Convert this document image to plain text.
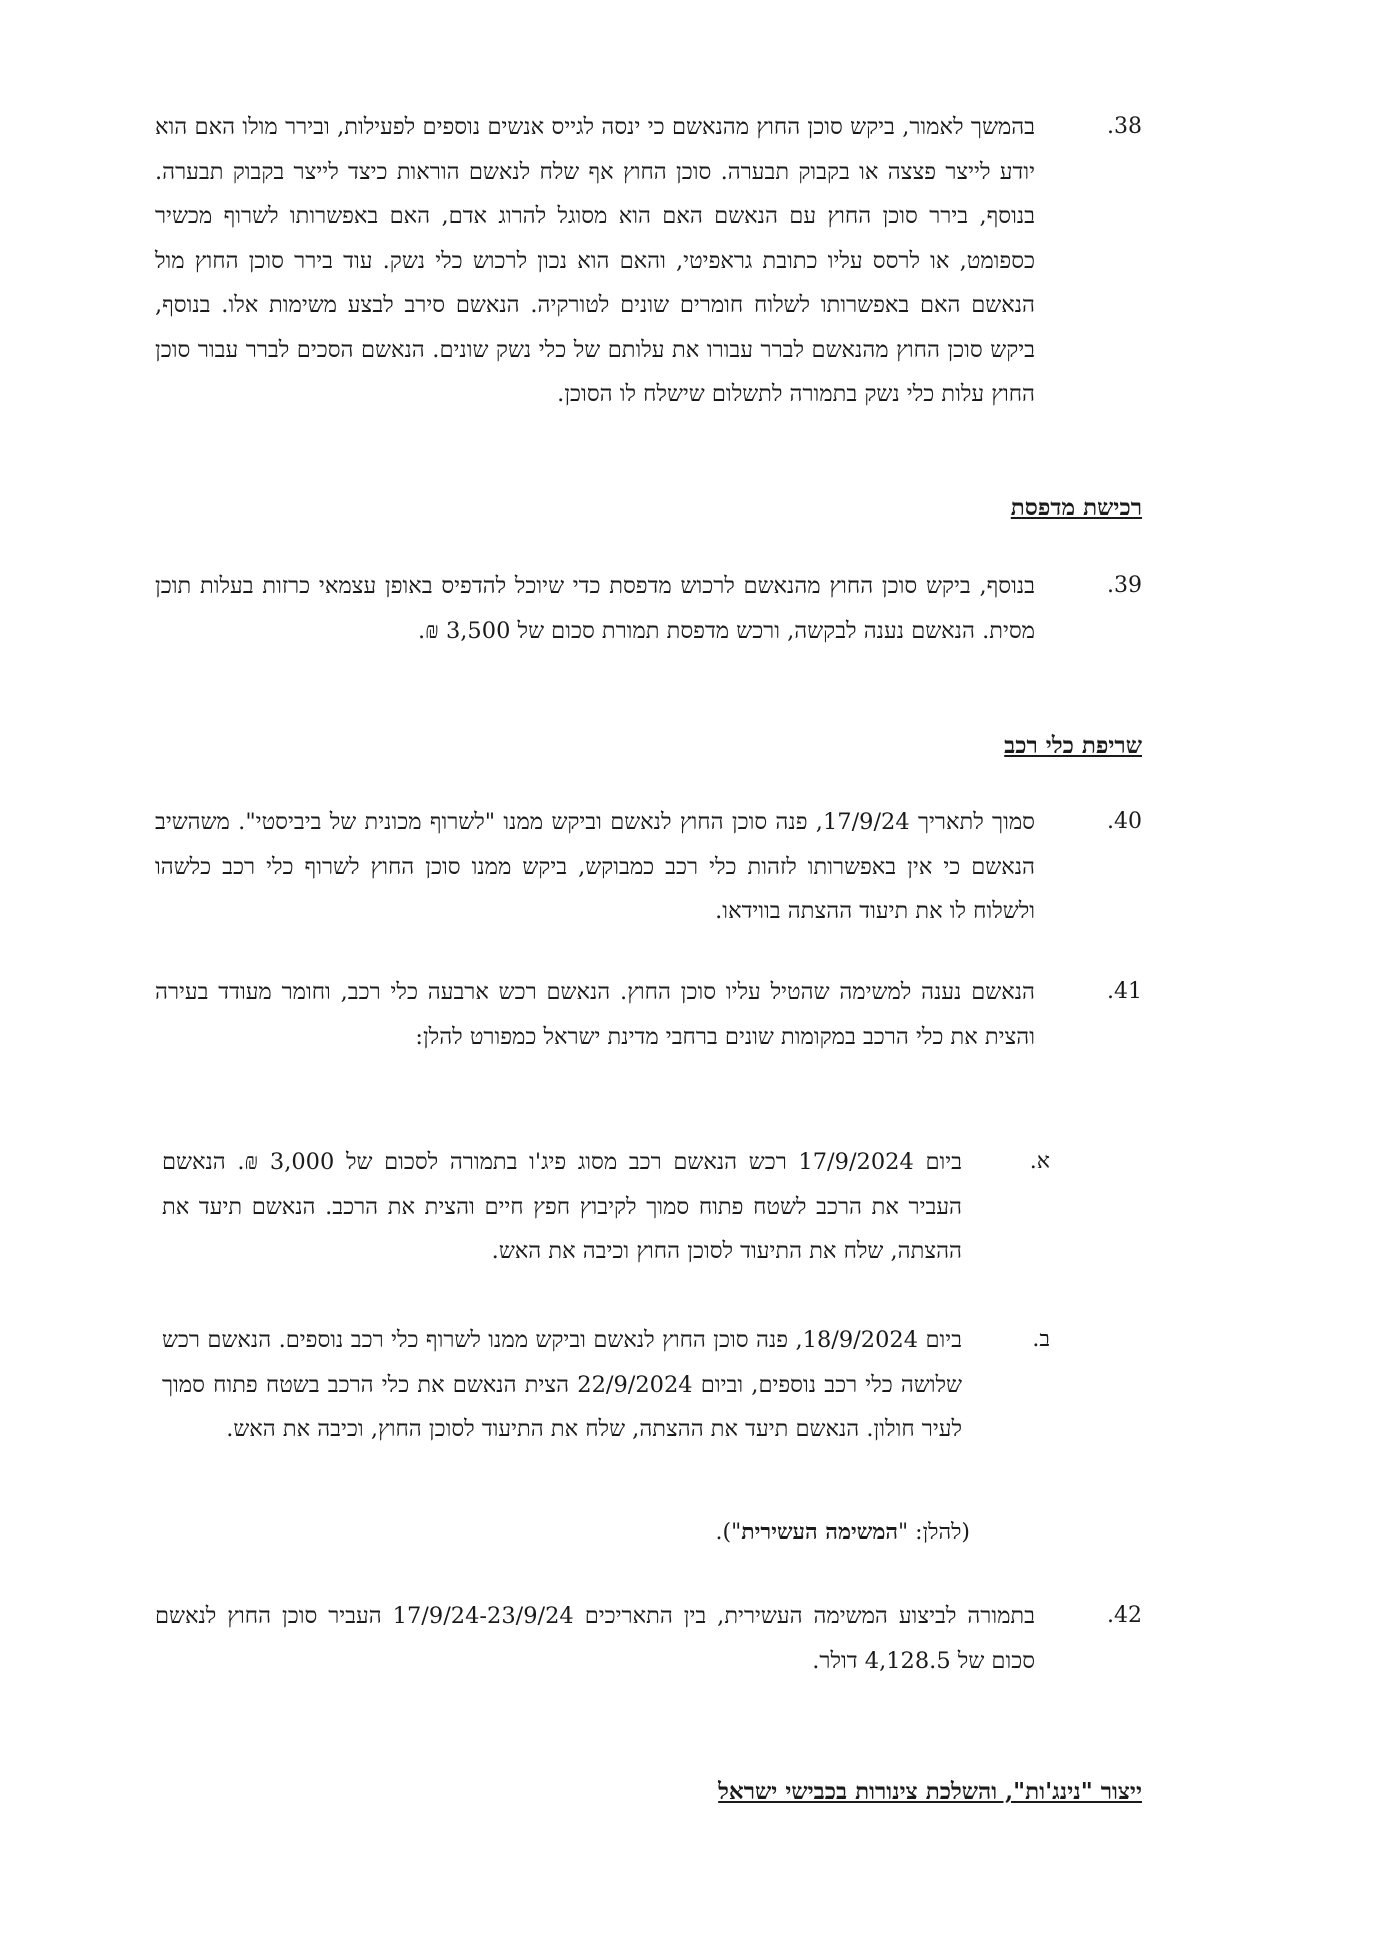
38.
בהמשך לאמור, ביקש סוכן החוץ מהנאשם כי ינסה לגייס אנשים נוספים לפעילות, ובירר מולו האם הוא יודע לייצר פצצה או בקבוק תבערה. סוכן החוץ אף שלח לנאשם הוראות כיצד לייצר בקבוק תבערה. בנוסף, בירר סוכן החוץ עם הנאשם האם הוא מסוגל להרוג אדם, האם באפשרותו לשרוף מכשיר כספומט, או לרסס עליו כתובת גראפיטי, והאם הוא נכון לרכוש כלי נשק. עוד בירר סוכן החוץ מול הנאשם האם באפשרותו לשלוח חומרים שונים לטורקיה. הנאשם סירב לבצע משימות אלו. בנוסף, ביקש סוכן החוץ מהנאשם לברר עבורו את עלותם של כלי נשק שונים. הנאשם הסכים לברר עבור סוכן החוץ עלות כלי נשק בתמורה לתשלום שישלח לו הסוכן.
רכישת מדפסת
39.
בנוסף, ביקש סוכן החוץ מהנאשם לרכוש מדפסת כדי שיוכל להדפיס באופן עצמאי כרזות בעלות תוכן מסית. הנאשם נענה לבקשה, ורכש מדפסת תמורת סכום של 3,500 ₪.
שריפת כלי רכב
40.
סמוך לתאריך 17/9/24, פנה סוכן החוץ לנאשם וביקש ממנו "לשרוף מכונית של ביביסטי". משהשיב הנאשם כי אין באפשרותו לזהות כלי רכב כמבוקש, ביקש ממנו סוכן החוץ לשרוף כלי רכב כלשהו ולשלוח לו את תיעוד ההצתה בווידאו.
41.
הנאשם נענה למשימה שהטיל עליו סוכן החוץ. הנאשם רכש ארבעה כלי רכב, וחומר מעודד בעירה והצית את כלי הרכב במקומות שונים ברחבי מדינת ישראל כמפורט להלן:
א.
ביום 17/9/2024 רכש הנאשם רכב מסוג פיג'ו בתמורה לסכום של 3,000 ₪. הנאשם העביר את הרכב לשטח פתוח סמוך לקיבוץ חפץ חיים והצית את הרכב. הנאשם תיעד את ההצתה, שלח את התיעוד לסוכן החוץ וכיבה את האש.
ב.
ביום 18/9/2024, פנה סוכן החוץ לנאשם וביקש ממנו לשרוף כלי רכב נוספים. הנאשם רכש שלושה כלי רכב נוספים, וביום 22/9/2024 הצית הנאשם את כלי הרכב בשטח פתוח סמוך לעיר חולון. הנאשם תיעד את ההצתה, שלח את התיעוד לסוכן החוץ, וכיבה את האש.
(להלן: "המשימה העשירית").
42.
בתמורה לביצוע המשימה העשירית, בין התאריכים 17/9/24-23/9/24 העביר סוכן החוץ לנאשם סכום של 4,128.5 דולר.
ייצור "נינג'ות", והשלכת צינורות בכבישי ישראל
